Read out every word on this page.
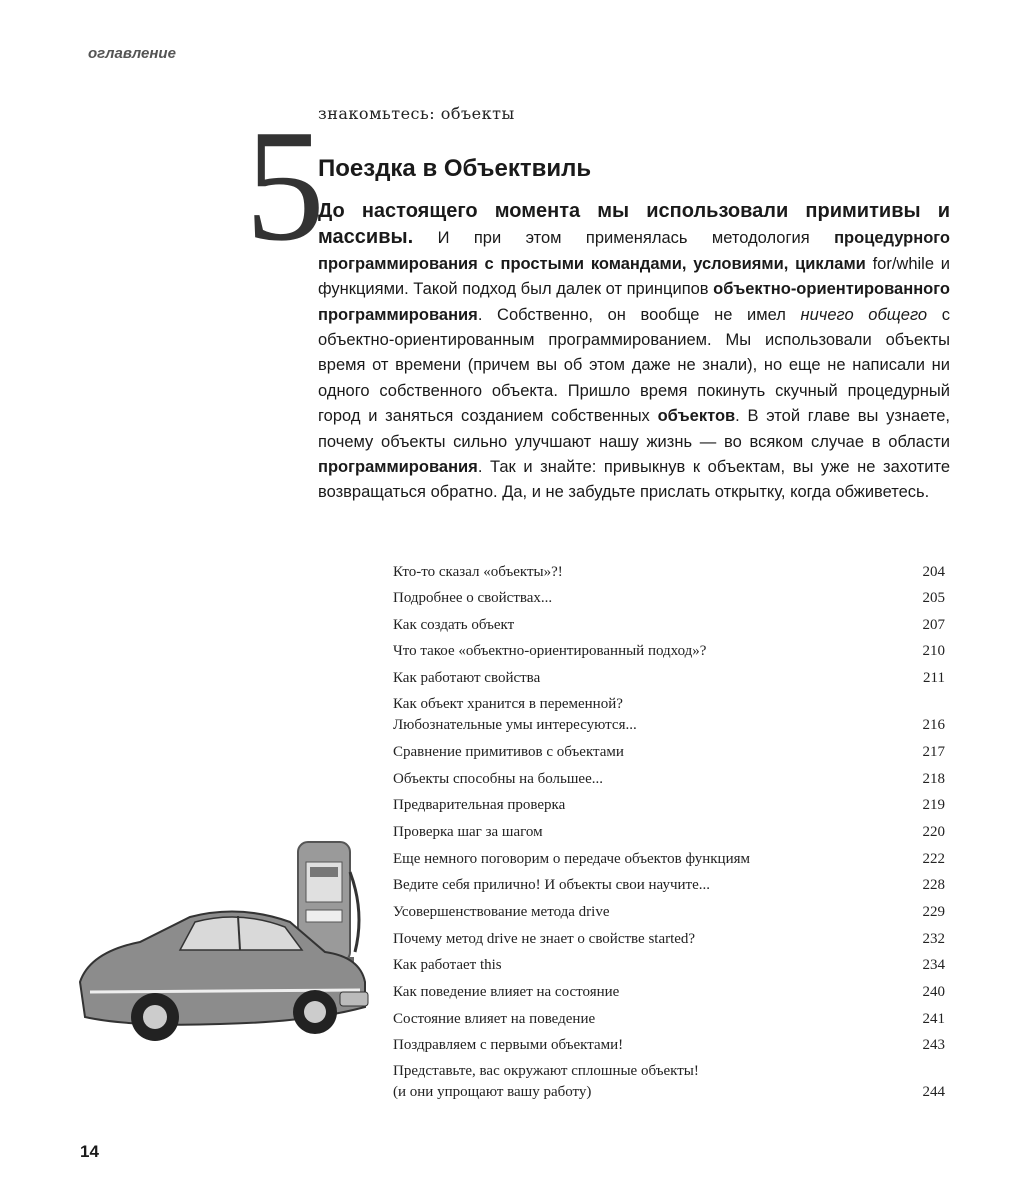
оглавление
5
знакомьтесь: объекты
Поездка в Объектвиль
До настоящего момента мы использовали примитивы и массивы. И при этом применялась методология процедурного программирования с простыми командами, условиями, циклами for/while и функциями. Такой подход был далек от принципов объектно-ориентированного программирования. Собственно, он вообще не имел ничего общего с объектно-ориентированным программированием. Мы использовали объекты время от времени (причем вы об этом даже не знали), но еще не написали ни одного собственного объекта. Пришло время покинуть скучный процедурный город и заняться созданием собственных объектов. В этой главе вы узнаете, почему объекты сильно улучшают нашу жизнь — во всяком случае в области программирования. Так и знайте: привыкнув к объектам, вы уже не захотите возвращаться обратно. Да, и не забудьте прислать открытку, когда обживетесь.
Кто-то сказал «объекты»?!	204
Подробнее о свойствах...	205
Как создать объект	207
Что такое «объектно-ориентированный подход»?	210
Как работают свойства	211
Как объект хранится в переменной?
Любознательные умы интересуются...	216
Сравнение примитивов с объектами	217
Объекты способны на большее...	218
Предварительная проверка	219
Проверка шаг за шагом	220
Еще немного поговорим о передаче объектов функциям	222
Ведите себя прилично! И объекты свои научите...	228
Усовершенствование метода drive	229
Почему метод drive не знает о свойстве started?	232
Как работает this	234
Как поведение влияет на состояние	240
Состояние влияет на поведение	241
Поздравляем с первыми объектами!	243
Представьте, вас окружают сплошные объекты!
(и они упрощают вашу работу)	244
14
